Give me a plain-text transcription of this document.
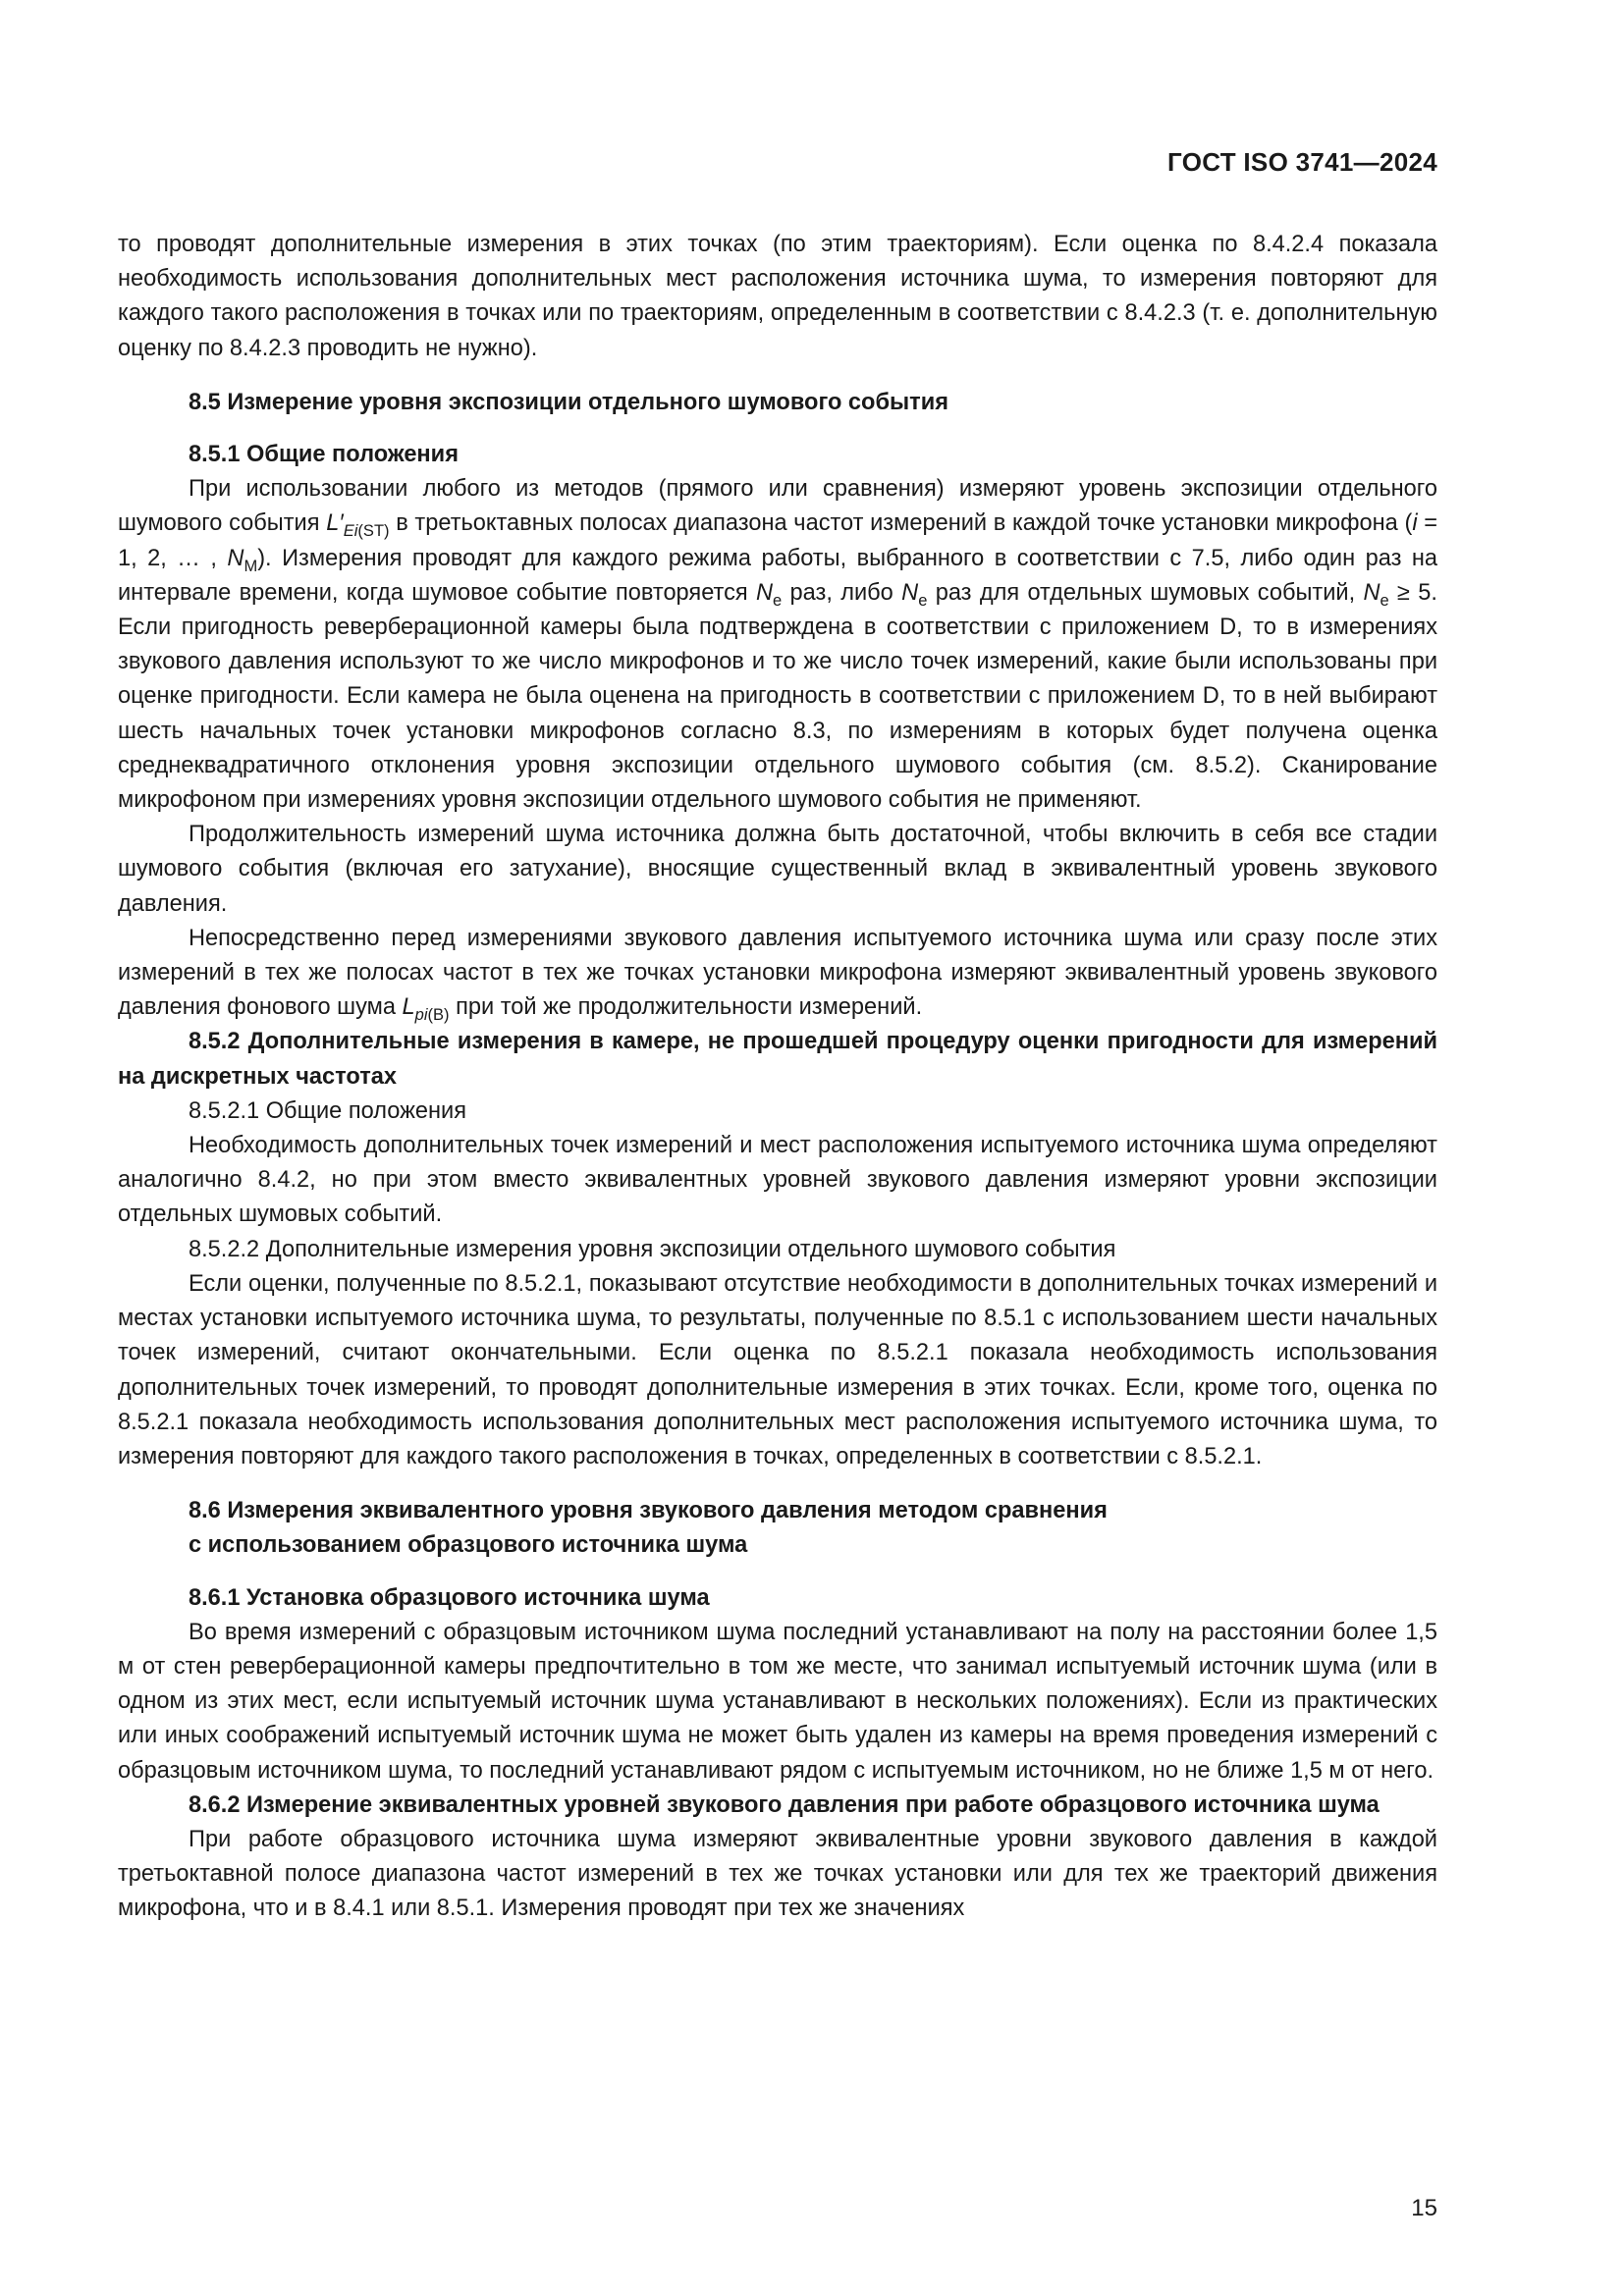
ГОСТ ISO 3741—2024

то проводят дополнительные измерения в этих точках (по этим траекториям). Если оценка по 8.4.2.4 показала необходимость использования дополнительных мест расположения источника шума, то измерения повторяют для каждого такого расположения в точках или по траекториям, определенным в соответствии с 8.4.2.3 (т. е. дополнительную оценку по 8.4.2.3 проводить не нужно).

8.5 Измерение уровня экспозиции отдельного шумового события

8.5.1 Общие положения

При использовании любого из методов (прямого или сравнения) измеряют уровень экспозиции отдельного шумового события $L'_{Ei(ST)}$ в третьоктавных полосах диапазона частот измерений в каждой точке установки микрофона (i = 1, 2, … , $N_M$). Измерения проводят для каждого режима работы, выбранного в соответствии с 7.5, либо один раз на интервале времени, когда шумовое событие повторяется $N_e$ раз, либо $N_e$ раз для отдельных шумовых событий, $N_e \ge 5$. Если пригодность реверберационной камеры была подтверждена в соответствии с приложением D, то в измерениях звукового давления используют то же число микрофонов и то же число точек измерений, какие были использованы при оценке пригодности. Если камера не была оценена на пригодность в соответствии с приложением D, то в ней выбирают шесть начальных точек установки микрофонов согласно 8.3, по измерениям в которых будет получена оценка среднеквадратичного отклонения уровня экспозиции отдельного шумового события (см. 8.5.2). Сканирование микрофоном при измерениях уровня экспозиции отдельного шумового события не применяют.

Продолжительность измерений шума источника должна быть достаточной, чтобы включить в себя все стадии шумового события (включая его затухание), вносящие существенный вклад в эквивалентный уровень звукового давления.

Непосредственно перед измерениями звукового давления испытуемого источника шума или сразу после этих измерений в тех же полосах частот в тех же точках установки микрофона измеряют эквивалентный уровень звукового давления фонового шума $L_{pi(B)}$ при той же продолжительности измерений.

8.5.2 Дополнительные измерения в камере, не прошедшей процедуру оценки пригодности для измерений на дискретных частотах

8.5.2.1 Общие положения

Необходимость дополнительных точек измерений и мест расположения испытуемого источника шума определяют аналогично 8.4.2, но при этом вместо эквивалентных уровней звукового давления измеряют уровни экспозиции отдельных шумовых событий.

8.5.2.2 Дополнительные измерения уровня экспозиции отдельного шумового события

Если оценки, полученные по 8.5.2.1, показывают отсутствие необходимости в дополнительных точках измерений и местах установки испытуемого источника шума, то результаты, полученные по 8.5.1 с использованием шести начальных точек измерений, считают окончательными. Если оценка по 8.5.2.1 показала необходимость использования дополнительных точек измерений, то проводят дополнительные измерения в этих точках. Если, кроме того, оценка по 8.5.2.1 показала необходимость использования дополнительных мест расположения испытуемого источника шума, то измерения повторяют для каждого такого расположения в точках, определенных в соответствии с 8.5.2.1.

8.6 Измерения эквивалентного уровня звукового давления методом сравнения
с использованием образцового источника шума

8.6.1 Установка образцового источника шума

Во время измерений с образцовым источником шума последний устанавливают на полу на расстоянии более 1,5 м от стен реверберационной камеры предпочтительно в том же месте, что занимал испытуемый источник шума (или в одном из этих мест, если испытуемый источник шума устанавливают в нескольких положениях). Если из практических или иных соображений испытуемый источник шума не может быть удален из камеры на время проведения измерений с образцовым источником шума, то последний устанавливают рядом с испытуемым источником, но не ближе 1,5 м от него.

8.6.2 Измерение эквивалентных уровней звукового давления при работе образцового источника шума

При работе образцового источника шума измеряют эквивалентные уровни звукового давления в каждой третьоктавной полосе диапазона частот измерений в тех же точках установки или для тех же траекторий движения микрофона, что и в 8.4.1 или 8.5.1. Измерения проводят при тех же значениях

15
